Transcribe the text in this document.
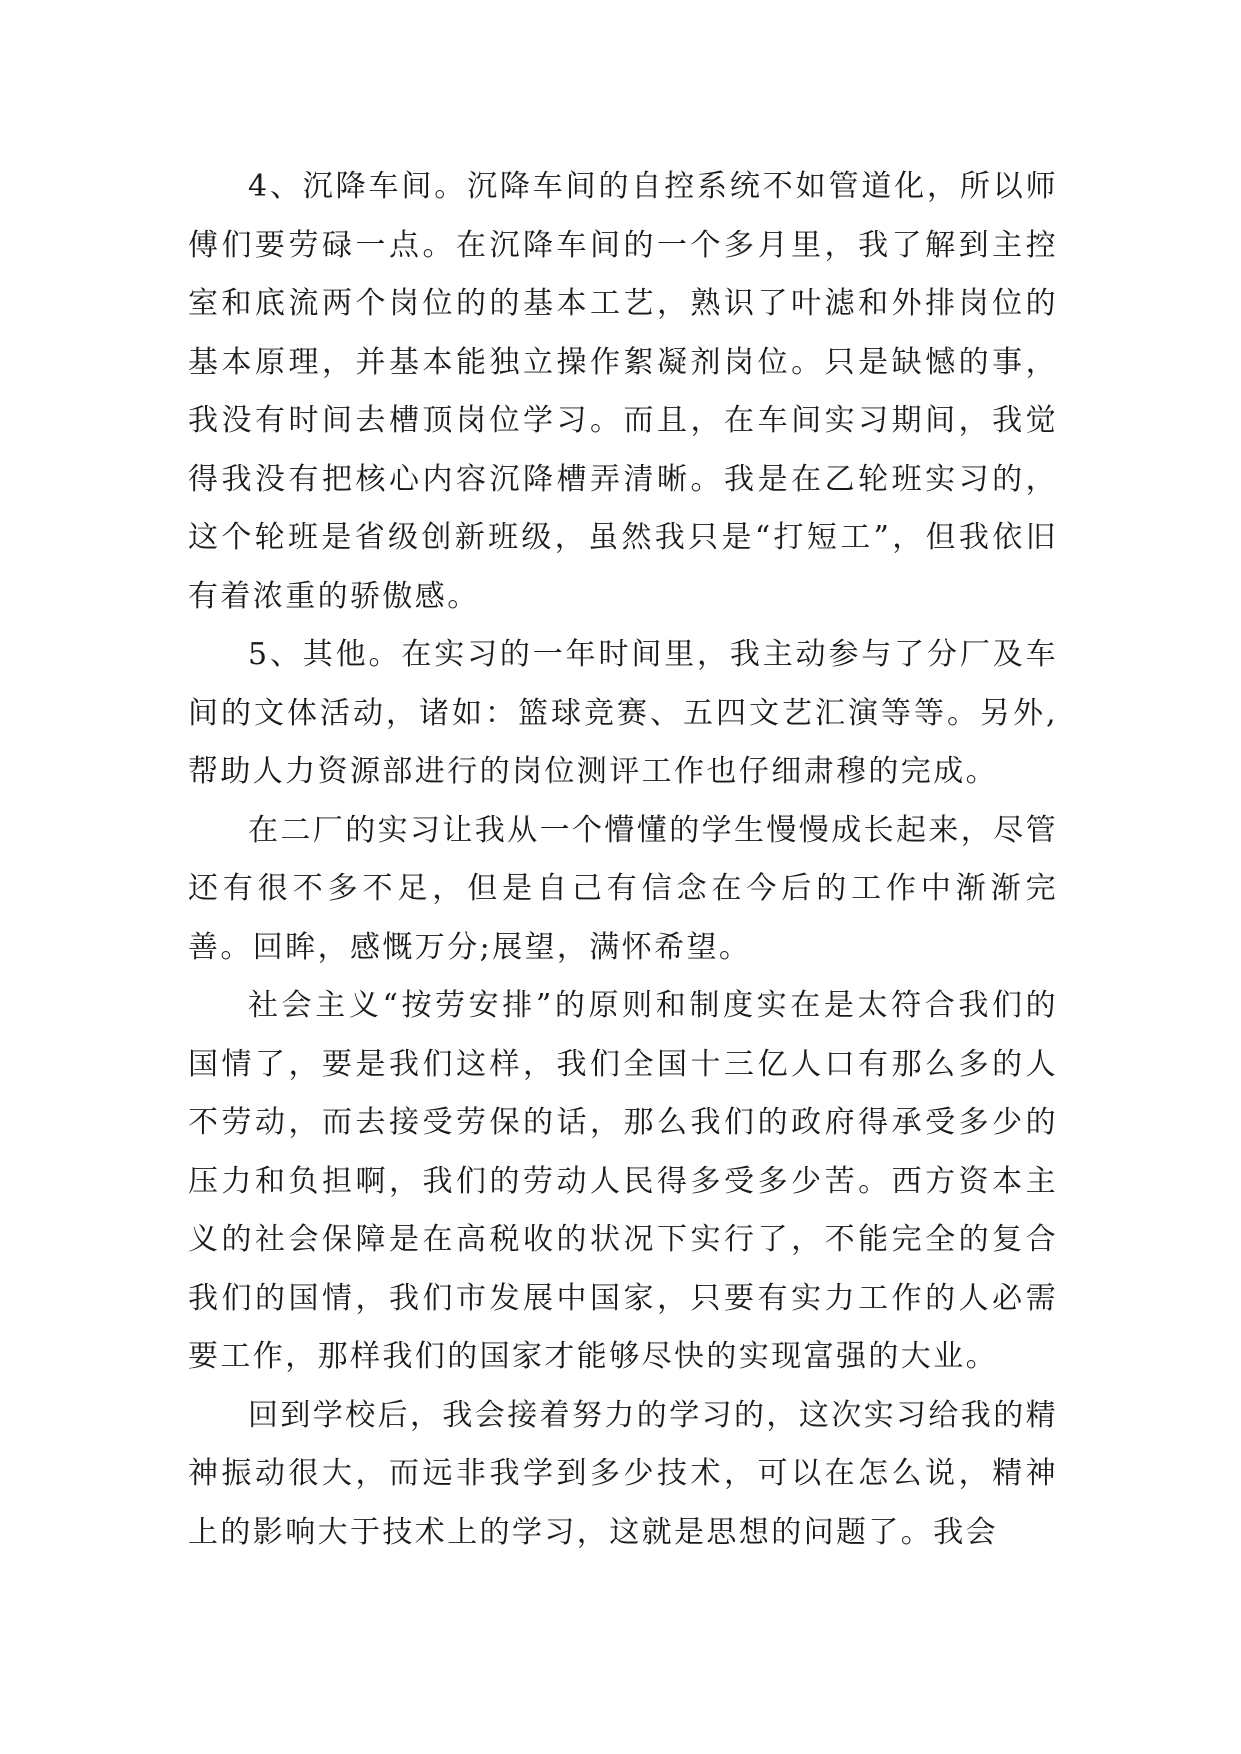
4、沉降车间。沉降车间的自控系统不如管道化，所以师傅们要劳碌一点。在沉降车间的一个多月里，我了解到主控室和底流两个岗位的的基本工艺，熟识了叶滤和外排岗位的基本原理，并基本能独立操作絮凝剂岗位。只是缺憾的事，我没有时间去槽顶岗位学习。而且，在车间实习期间，我觉得我没有把核心内容沉降槽弄清晰。我是在乙轮班实习的，这个轮班是省级创新班级，虽然我只是“打短工”，但我依旧有着浓重的骄傲感。

5、其他。在实习的一年时间里，我主动参与了分厂及车间的文体活动，诸如：篮球竞赛、五四文艺汇演等等。另外,帮助人力资源部进行的岗位测评工作也仔细肃穆的完成。

在二厂的实习让我从一个懵懂的学生慢慢成长起来，尽管还有很不多不足，但是自己有信念在今后的工作中渐渐完善。回眸，感慨万分;展望，满怀希望。

社会主义“按劳安排”的原则和制度实在是太符合我们的国情了，要是我们这样，我们全国十三亿人口有那么多的人不劳动，而去接受劳保的话，那么我们的政府得承受多少的压力和负担啊，我们的劳动人民得多受多少苦。西方资本主义的社会保障是在高税收的状况下实行了，不能完全的复合我们的国情，我们市发展中国家，只要有实力工作的人必需要工作，那样我们的国家才能够尽快的实现富强的大业。

回到学校后，我会接着努力的学习的，这次实习给我的精神振动很大，而远非我学到多少技术，可以在怎么说，精神上的影响大于技术上的学习，这就是思想的问题了。我会
